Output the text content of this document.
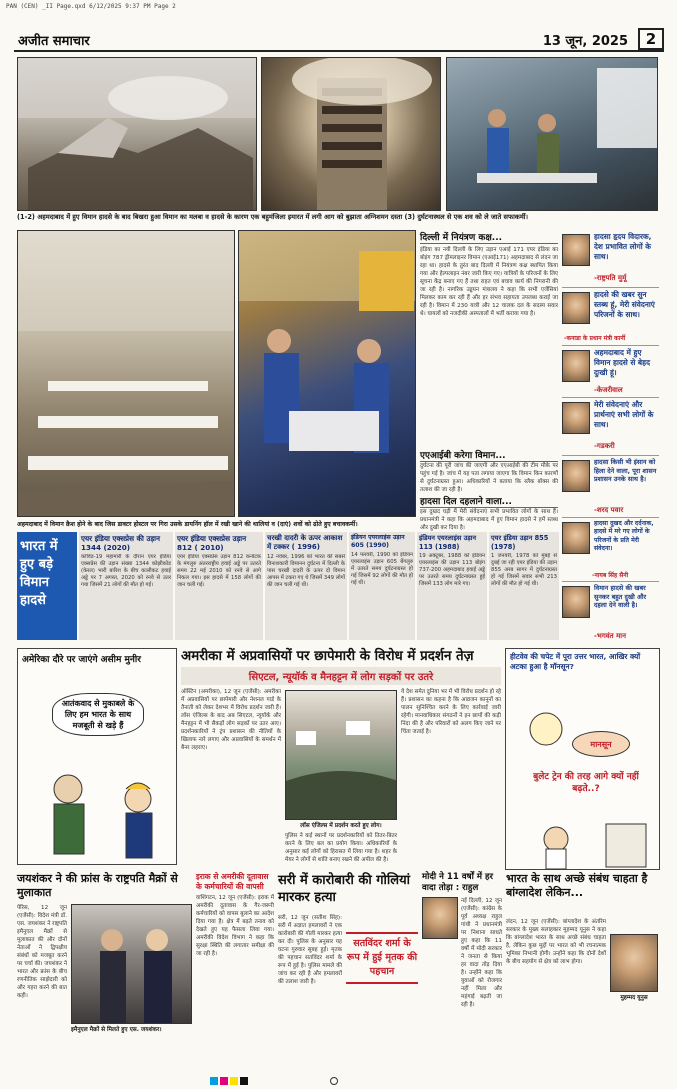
PAN (CEN) _II Page.qxd 6/12/2025 9:37 PM Page 2
अजीत समाचार	13 जून, 2025	2
(1-2) अहमदाबाद में हुए विमान हादसे के बाद बिखरा हुआ विमान का मलबा व हादसे के कारण एक बहुमंजिला इमारत में लगी आग को बुझाता अग्निशमन दस्ता (3) दुर्घटनास्थल से एक शव को ले जाते सफाकर्मी।
अहमदाबाद में विमान क्रैश होने के बाद जिस डाक्टर होस्टल पर गिरा उसके डायनिंग हॉल में रखी खाने की थालियां व (दाएं) शवों को ढोते हुए बचावकर्मी।
दिल्ली में नियंत्रण कक्ष...
इंडिया का नयी दिल्ली के लिए उड़ान एआई 171 एयर इंडिया का बोइंग 787 ड्रीमलाइनर विमान (एआई171) अहमदाबाद से लंदन जा रहा था। हादसे के तुरंत बाद दिल्ली में नियंत्रण कक्ष स्थापित किया गया और हेल्पलाइन नंबर जारी किए गए। यात्रियों के परिजनों के लिए सूचना केंद्र बनाए गए हैं तथा राहत एवं बचाव कार्य की निगरानी की जा रही है। नागरिक उड्डयन मंत्रालय ने कहा कि सभी एजेंसियां मिलकर काम कर रही हैं और हर संभव सहायता उपलब्ध कराई जा रही है। विमान में 230 यात्री और 12 चालक दल के सदस्य सवार थे। घायलों को नजदीकी अस्पतालों में भर्ती कराया गया है।
एएआईबी करेगा विमान...
दुर्घटना की पूरी जांच की जाएगी और एएआईबी की टीम मौके पर पहुंच गई है। जांच में यह पता लगाया जाएगा कि विमान किन कारणों से दुर्घटनाग्रस्त हुआ। अधिकारियों ने बताया कि ब्लैक बॉक्स की तलाश की जा रही है।
हादसा दिल दहलाने वाला...
इस दुखद घड़ी में मेरी संवेदनाएं सभी प्रभावित लोगों के साथ हैं। प्रधानमंत्री ने कहा कि अहमदाबाद में हुए विमान हादसे ने हमें स्तब्ध और दुखी कर दिया है।
हादसा हृदय विदारक, देश प्रभावित लोगों के साथ।
-राष्ट्रपति मुर्मू
हादसे की खबर सुन स्तब्ध हूं, मेरी संवेदनाएं परिजनों के साथ।
-कनाडा के प्रधान मंत्री कार्नी
अहमदाबाद में हुए विमान हादसे से बेहद दुःखी हूं।
-केजरीवाल
मेरी संवेदनाएं और प्रार्थनाएं सभी लोगों के साथ।
-गडकरी
हादसा किसी भी इंसान को हिला देने वाला, पूरा शासन प्रशासन उनके साथ है।
-शरद पवार
हादसा दुखद और दर्दनाक, हादसे में मरे गए लोगों के परिजनों के प्रति मेरी संवेदना।
-नायब सिंह सैनी
विमान हादसे की खबर सुनकर बहुत दुखी और दहला देने वाली है।
-भगवंत मान
भारत में
हुए बड़े
विमान
हादसे
एयर इंडिया एक्सप्रेस की उड़ान 1344 (2020)
कोविड-19 महामारी के दौरान एयर इंडिया एक्सप्रेस की उड़ान संख्या 1344 कोझीकोड (केरल) भारी बारिश के बीच कालीकट हवाई अड्डे पर 7 अगस्त, 2020 को रनवे से उतर गया जिसमें 21 लोगों की मौत हो गई।
एयर इंडिया एक्सप्रेस उड़ान 812 ( 2010)
एयर इंडिया एक्सप्रेस उड़ान 812 कर्नाटक के मंगलुरु अंतरराष्ट्रीय हवाई अड्डे पर उतरते समय 22 मई 2010 को रनवे से आगे निकल गया। इस हादसे में 158 लोगों की जान चली गई।
चरखी दादरी के ऊपर आकाश में टक्कर ( 1996)
12 नवंबर, 1996 को भारत की सबसे विनाशकारी विमानन दुर्घटना में दिल्ली के पास चरखी दादरी के ऊपर दो विमान आपस में टकरा गए थे जिसमें 349 लोगों की जान चली गई थी।
इंडियन एयरलाइंस उड़ान 605 (1990)
14 फरवरी, 1990 को इंडियन एयरलाइंस उड़ान 605 बेंगलुरु में उतरते समय दुर्घटनाग्रस्त हो गई जिसमें 92 लोगों की मौत हो गई थी।
इंडियन एयरलाइंस उड़ान 113 (1988)
19 अक्टूबर, 1988 को इंडियन एयरलाइंस की उड़ान 113 बोइंग 737-200 अहमदाबाद हवाई अड्डे पर उतरते समय दुर्घटनाग्रस्त हुई जिसमें 133 लोग मारे गए।
एयर इंडिया उड़ान 855 (1978)
1 जनवरी, 1978 को मुंबई से दुबई जा रही एयर इंडिया की उड़ान 855 अरब सागर में दुर्घटनाग्रस्त हो गई जिसमें सवार सभी 213 लोगों की मौत हो गई थी।
अमेरिका दौरे पर जाएंगे असीम मुनीर
आतंकवाद से मुकाबले के लिए हम भारत के साथ मजबूती से खड़े हैं
अमरीका में अप्रवासियों पर छापेमारी के विरोध में प्रदर्शन तेज़
सिएटल, न्यूयॉर्क व मैनहट्टन में लोग सड़कों पर उतरे
ऑस्टिन (अमरीका), 12 जून (एजेंसी): अमरीका में अप्रवासियों पर छापेमारी और नेशनल गार्ड के तैनाती को लेकर देशभर में विरोध प्रदर्शन जारी हैं। लॉस एंजिल्स के बाद अब सिएटल, न्यूयॉर्क और मैनहट्टन में भी सैकड़ों लोग सड़कों पर उतर आए। प्रदर्शनकारियों ने ट्रंप प्रशासन की नीतियों के खिलाफ नारे लगाए और अप्रवासियों के समर्थन में बैनर लहराए।
लॉस एंजिल्स में प्रदर्शन करते हुए लोग।
पुलिस ने कई स्थानों पर प्रदर्शनकारियों को तितर-बितर करने के लिए बल का प्रयोग किया। अधिकारियों के अनुसार कई लोगों को हिरासत में लिया गया है। शहर के मेयर ने लोगों से शांति बनाए रखने की अपील की है।
ये देश समेत दुनिया भर में भी विरोध प्रदर्शन हो रहे हैं। प्रशासन का कहना है कि आव्रजन कानूनों का पालन सुनिश्चित करने के लिए कार्रवाई जारी रहेगी। मानवाधिकार संगठनों ने इन छापों की कड़ी निंदा की है और परिवारों को अलग किए जाने पर चिंता जताई है।
हीटवेव की चपेट में पूरा उत्तर भारत, आखिर क्यों अटका हुआ है मॉनसून?
मानसून
बुलेट ट्रेन की तरह आगे क्यों नहीं बढ़ते..?
जयशंकर ने की फ्रांस के राष्ट्रपति मैक्रों से मुलाकात
पेरिस, 12 जून (एजेंसी): विदेश मंत्री डॉ. एस. जयशंकर ने राष्ट्रपति इमैनुएल मैक्रों से मुलाकात की और दोनों नेताओं ने द्विपक्षीय संबंधों को मजबूत करने पर चर्चा की। जयशंकर ने भारत और फ्रांस के बीच रणनीतिक साझेदारी को और गहरा करने की बात कही।
इमैनुएल मैक्रों से मिलते हुए एस. जयशंकर।
इराक से अमरीकी दूतावास के कर्मचारियों की वापसी
वाशिंगटन, 12 जून (एजेंसी): इराक में अमरीकी दूतावास के गैर-जरूरी कर्मचारियों को वापस बुलाने का आदेश दिया गया है। क्षेत्र में बढ़ते तनाव को देखते हुए यह फैसला लिया गया। अमरीकी विदेश विभाग ने कहा कि सुरक्षा स्थिति की लगातार समीक्षा की जा रही है।
सरी में कारोबारी की गोलियां मारकर हत्या
सरी, 12 जून (सतीश सिंह): सरी में अज्ञात हमलावरों ने एक कारोबारी की गोली मारकर हत्या कर दी। पुलिस के अनुसार यह घटना गुरुवार सुबह हुई। मृतक की पहचान सतविंदर शर्मा के रूप में हुई है। पुलिस मामले की जांच कर रही है और हमलावरों की तलाश जारी है।
सतविंदर शर्मा के रूप में हुई मृतक की पहचान
मोदी ने 11 वर्षों में हर वादा तोड़ा : राहुल
नई दिल्ली, 12 जून (एजेंसी): कांग्रेस के पूर्व अध्यक्ष राहुल गांधी ने प्रधानमंत्री पर निशाना साधते हुए कहा कि 11 वर्षों में मोदी सरकार ने जनता से किया हर वादा तोड़ दिया है। उन्होंने कहा कि युवाओं को रोजगार नहीं मिला और महंगाई बढ़ती जा रही है।
भारत के साथ अच्छे संबंध चाहता है बांग्लादेश लेकिन...
लंदन, 12 जून (एजेंसी): बांग्लादेश के अंतरिम सरकार के मुख्य सलाहकार मुहम्मद यूनुस ने कहा कि बांग्लादेश भारत के साथ अच्छे संबंध चाहता है, लेकिन कुछ मुद्दों पर भारत को भी रचनात्मक भूमिका निभानी होगी। उन्होंने कहा कि दोनों देशों के बीच सहयोग से क्षेत्र को लाभ होगा।
मुहम्मद यूनुस
